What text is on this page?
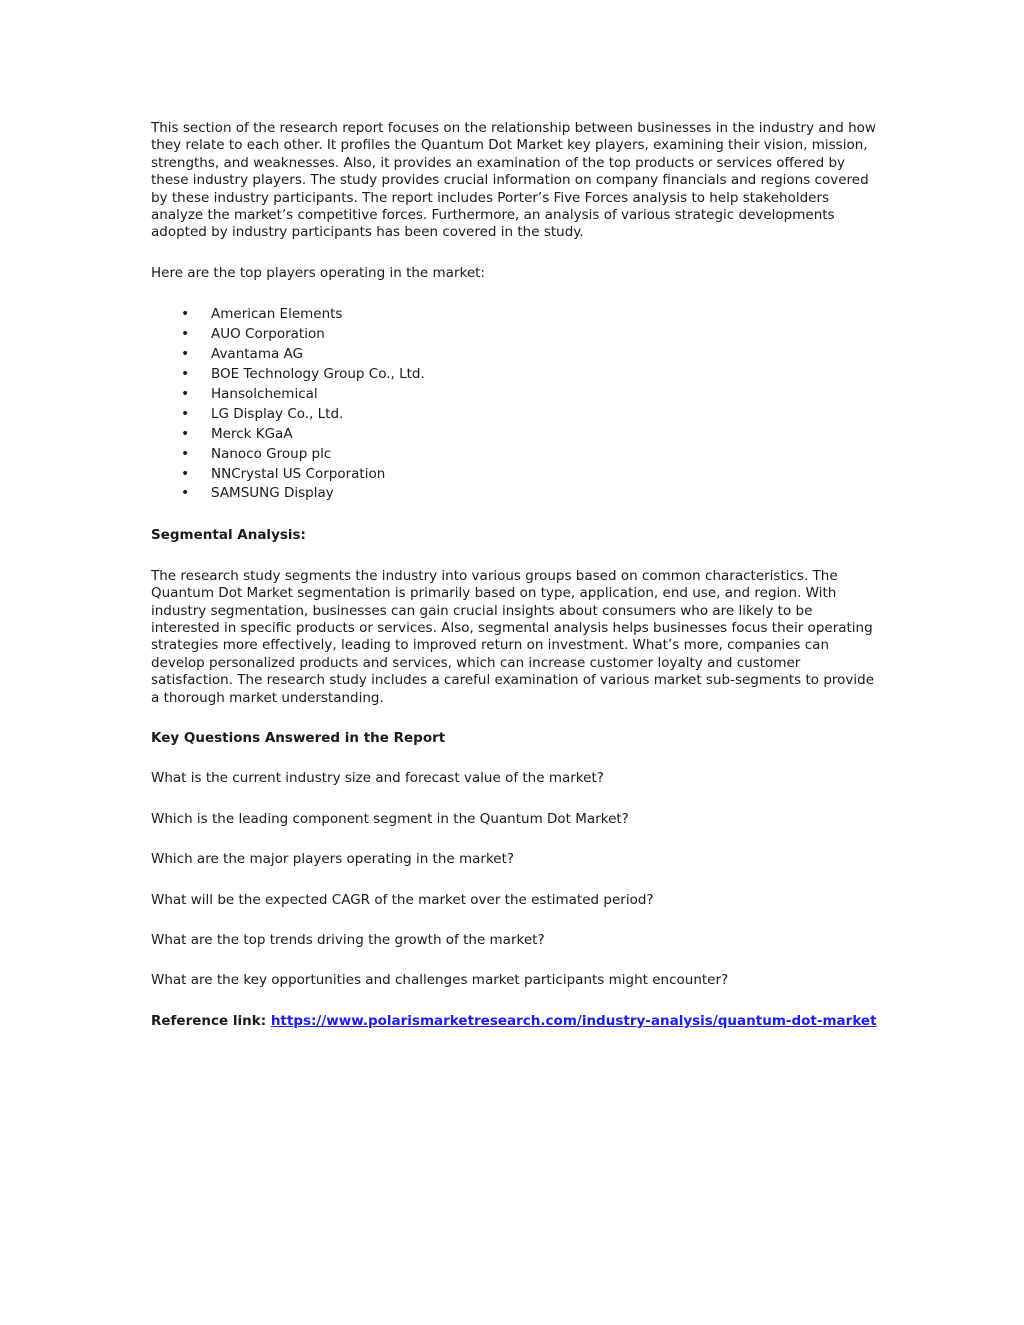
This section of the research report focuses on the relationship between businesses in the industry and how they relate to each other. It profiles the Quantum Dot Market key players, examining their vision, mission, strengths, and weaknesses. Also, it provides an examination of the top products or services offered by these industry players. The study provides crucial information on company financials and regions covered by these industry participants. The report includes Porter’s Five Forces analysis to help stakeholders analyze the market’s competitive forces. Furthermore, an analysis of various strategic developments adopted by industry participants has been covered in the study.

Here are the top players operating in the market:

• American Elements
• AUO Corporation
• Avantama AG
• BOE Technology Group Co., Ltd.
• Hansolchemical
• LG Display Co., Ltd.
• Merck KGaA
• Nanoco Group plc
• NNCrystal US Corporation
• SAMSUNG Display

Segmental Analysis:

The research study segments the industry into various groups based on common characteristics. The Quantum Dot Market segmentation is primarily based on type, application, end use, and region. With industry segmentation, businesses can gain crucial insights about consumers who are likely to be interested in specific products or services. Also, segmental analysis helps businesses focus their operating strategies more effectively, leading to improved return on investment. What’s more, companies can develop personalized products and services, which can increase customer loyalty and customer satisfaction. The research study includes a careful examination of various market sub-segments to provide a thorough market understanding.

Key Questions Answered in the Report

What is the current industry size and forecast value of the market?

Which is the leading component segment in the Quantum Dot Market?

Which are the major players operating in the market?

What will be the expected CAGR of the market over the estimated period?

What are the top trends driving the growth of the market?

What are the key opportunities and challenges market participants might encounter?

Reference link: https://www.polarismarketresearch.com/industry-analysis/quantum-dot-market
